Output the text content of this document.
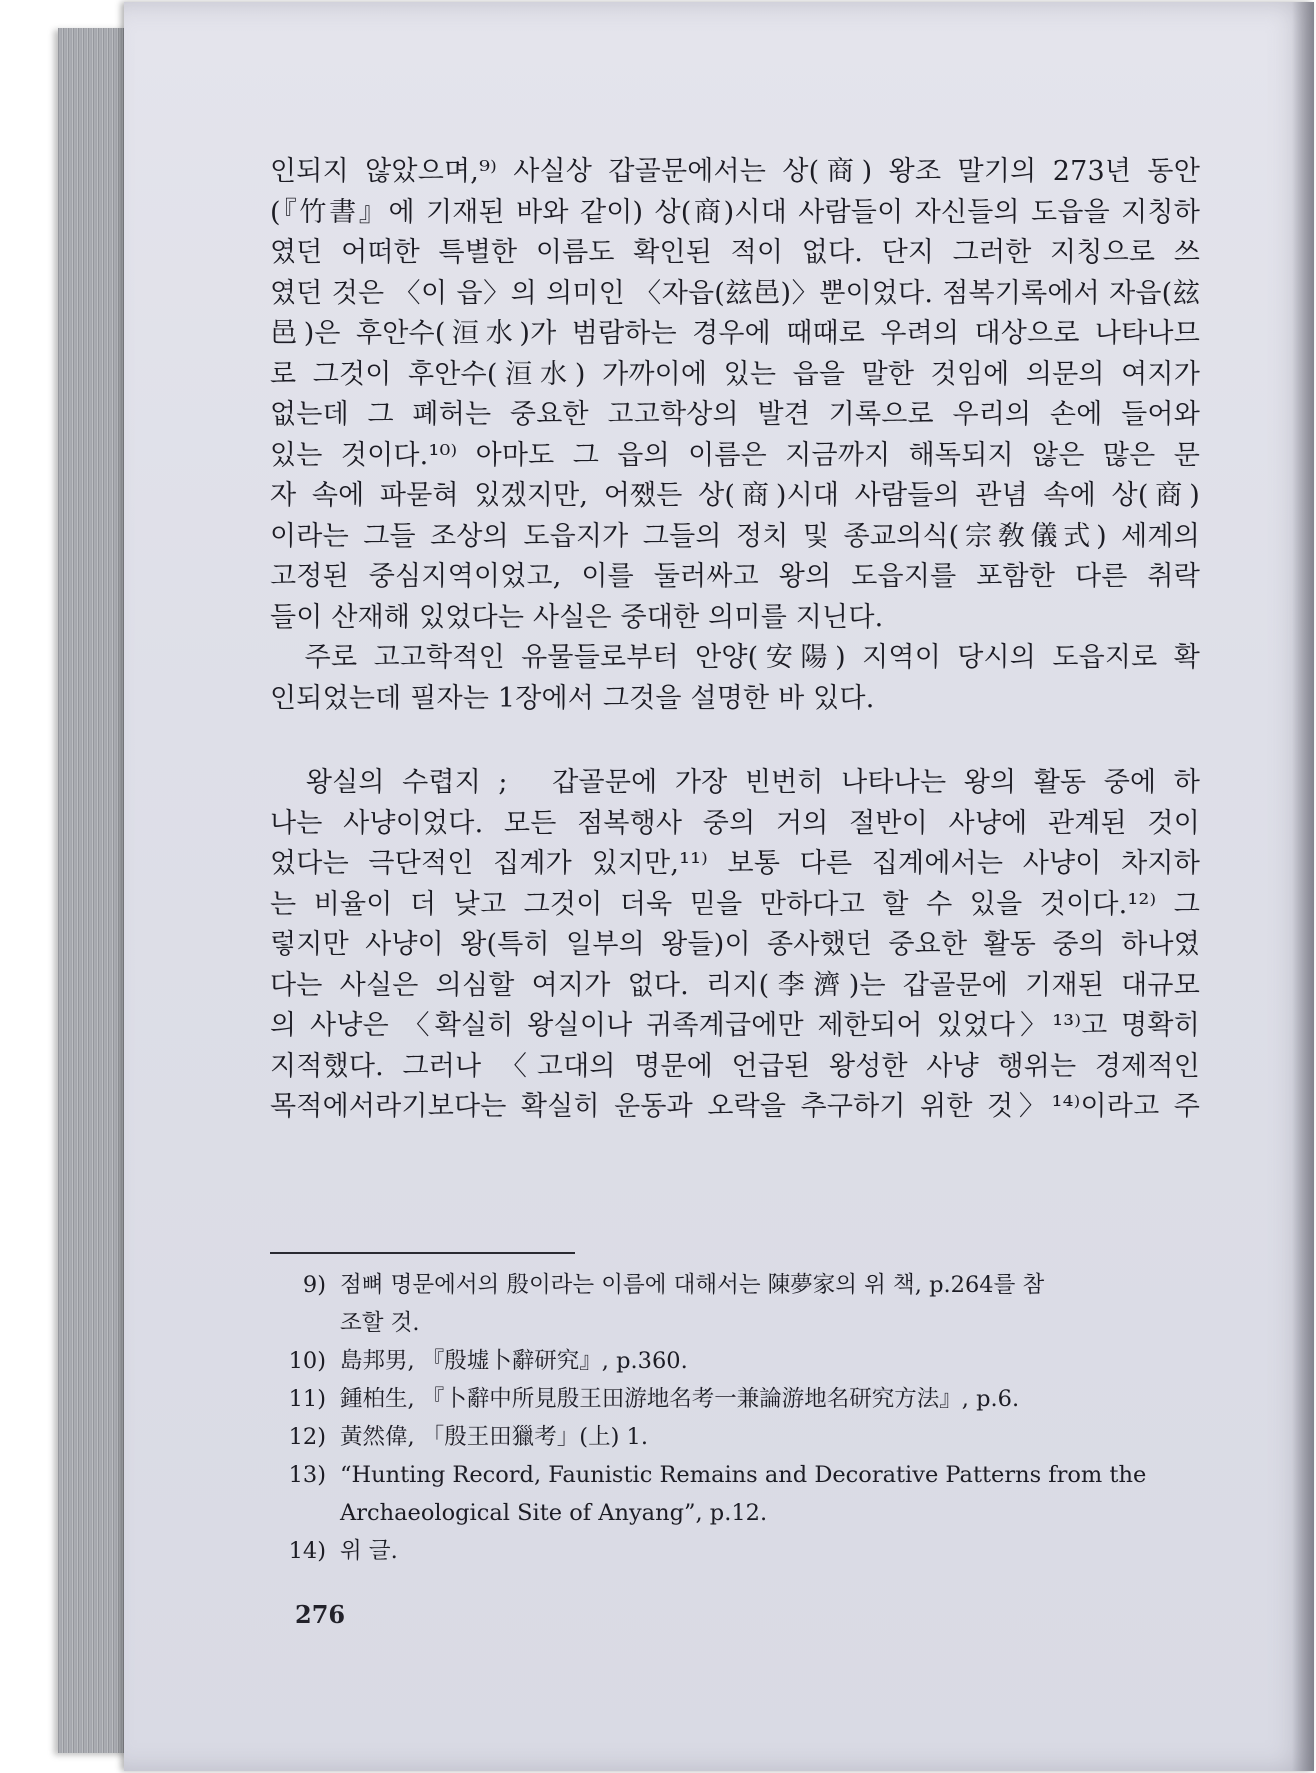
인되지 않았으며,⁹⁾ 사실상 갑골문에서는 상(商) 왕조 말기의 273년 동안
(『竹書』에 기재된 바와 같이) 상(商)시대 사람들이 자신들의 도읍을 지칭하
였던 어떠한 특별한 이름도 확인된 적이 없다. 단지 그러한 지칭으로 쓰
였던 것은 〈이 읍〉의 의미인 〈자읍(玆邑)〉뿐이었다. 점복기록에서 자읍(玆
邑)은 후안수(洹水)가 범람하는 경우에 때때로 우려의 대상으로 나타나므
로 그것이 후안수(洹水) 가까이에 있는 읍을 말한 것임에 의문의 여지가
없는데 그 폐허는 중요한 고고학상의 발견 기록으로 우리의 손에 들어와
있는 것이다.¹⁰⁾ 아마도 그 읍의 이름은 지금까지 해독되지 않은 많은 문
자 속에 파묻혀 있겠지만, 어쨌든 상(商)시대 사람들의 관념 속에 상(商)
이라는 그들 조상의 도읍지가 그들의 정치 및 종교의식(宗敎儀式) 세계의
고정된 중심지역이었고, 이를 둘러싸고 왕의 도읍지를 포함한 다른 취락
들이 산재해 있었다는 사실은 중대한 의미를 지닌다.
　주로 고고학적인 유물들로부터 안양(安陽) 지역이 당시의 도읍지로 확
인되었는데 필자는 1장에서 그것을 설명한 바 있다.
　왕실의 수렵지 ;　갑골문에 가장 빈번히 나타나는 왕의 활동 중에 하
나는 사냥이었다. 모든 점복행사 중의 거의 절반이 사냥에 관계된 것이
었다는 극단적인 집계가 있지만,¹¹⁾ 보통 다른 집계에서는 사냥이 차지하
는 비율이 더 낮고 그것이 더욱 믿을 만하다고 할 수 있을 것이다.¹²⁾ 그
렇지만 사냥이 왕(특히 일부의 왕들)이 종사했던 중요한 활동 중의 하나였
다는 사실은 의심할 여지가 없다. 리지(李濟)는 갑골문에 기재된 대규모
의 사냥은 〈확실히 왕실이나 귀족계급에만 제한되어 있었다〉¹³⁾고 명확히
지적했다. 그러나 〈고대의 명문에 언급된 왕성한 사냥 행위는 경제적인
목적에서라기보다는 확실히 운동과 오락을 추구하기 위한 것〉¹⁴⁾이라고 주
9) 점뼈 명문에서의 殷이라는 이름에 대해서는 陳夢家의 위 책, p.264를 참
조할 것.
10) 島邦男, 『殷墟卜辭研究』, p.360.
11) 鍾柏生, 『卜辭中所見殷王田游地名考一兼論游地名研究方法』, p.6.
12) 黃然偉, 「殷王田獵考」(上) 1.
13) “Hunting Record, Faunistic Remains and Decorative Patterns from the
Archaeological Site of Anyang”, p.12.
14) 위 글.
276
